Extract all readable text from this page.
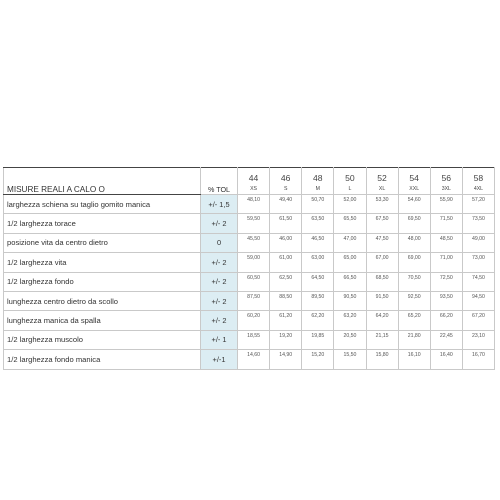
MISURE REALI A CALO O	% TOL	44	46	48	50	52	54	56	58
		XS	S	M	L	XL	XXL	3XL	4XL
larghezza schiena su taglio gomito manica	+/- 1,5	48,10	49,40	50,70	52,00	53,30	54,60	55,90	57,20
1/2 larghezza torace	+/- 2	59,50	61,50	63,50	65,50	67,50	69,50	71,50	73,50
posizione vita da centro dietro	0	45,50	46,00	46,50	47,00	47,50	48,00	48,50	49,00
1/2 larghezza vita	+/- 2	59,00	61,00	63,00	65,00	67,00	69,00	71,00	73,00
1/2 larghezza fondo	+/- 2	60,50	62,50	64,50	66,50	68,50	70,50	72,50	74,50
lunghezza centro dietro da scollo	+/- 2	87,50	88,50	89,50	90,50	91,50	92,50	93,50	94,50
lunghezza manica da spalla	+/- 2	60,20	61,20	62,20	63,20	64,20	65,20	66,20	67,20
1/2 larghezza muscolo	+/- 1	18,55	19,20	19,85	20,50	21,15	21,80	22,45	23,10
1/2 larghezza fondo manica	+/-1	14,60	14,90	15,20	15,50	15,80	16,10	16,40	16,70
